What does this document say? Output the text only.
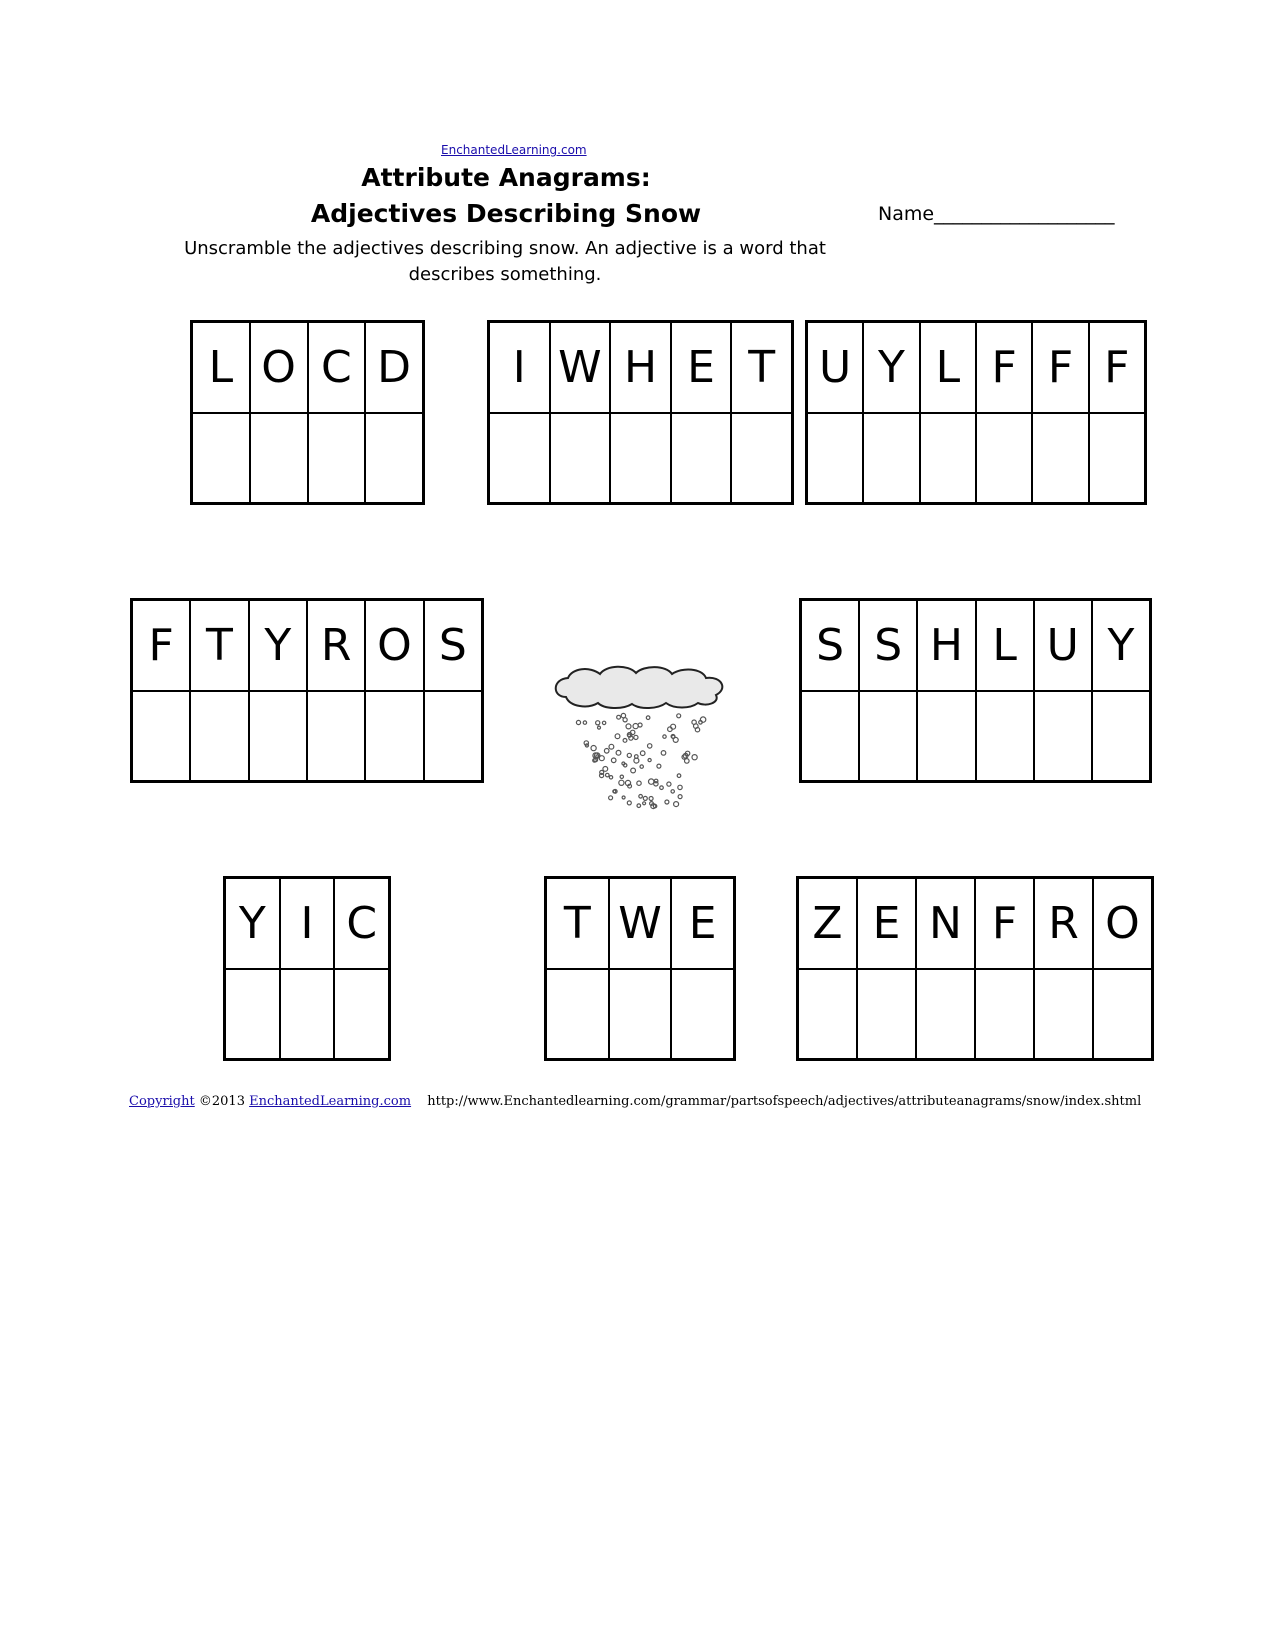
EnchantedLearning.com
Attribute Anagrams:
Adjectives Describing Snow	Name___________________

Unscramble the adjectives describing snow. An adjective is a word that describes something.

L O C D	I W H E T U Y L F F F
F T Y R O S	S S H L U Y
Y I C	T W E	Z E N F R O
Copyright ©2013 EnchantedLearning.com http://www.Enchantedlearning.com/grammar/partsofspeech/adjectives/attributeanagrams/snow/index.shtml
